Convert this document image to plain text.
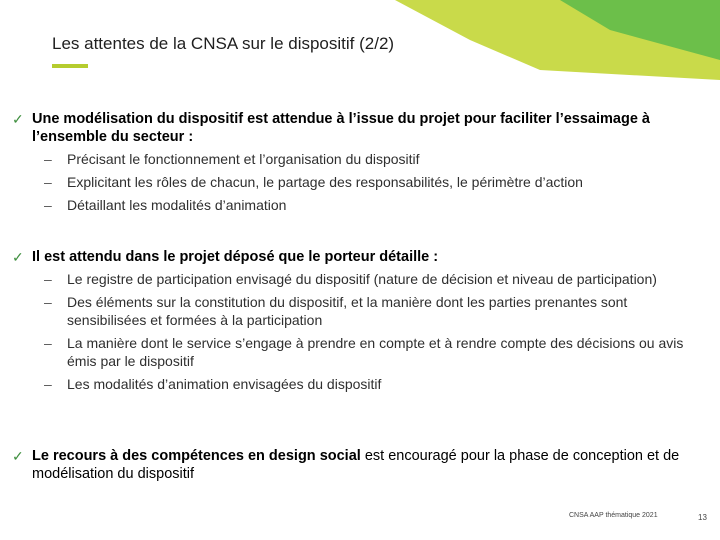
Les attentes de la CNSA sur le dispositif (2/2)
✓ Une modélisation du dispositif est attendue à l’issue du projet pour faciliter l’essaimage à l’ensemble du secteur :
– Précisant le fonctionnement et l’organisation du dispositif
– Explicitant les rôles de chacun, le partage des responsabilités, le périmètre d’action
– Détaillant les modalités d’animation
✓ Il est attendu dans le projet déposé que le porteur détaille :
– Le registre de participation envisagé du dispositif (nature de décision et niveau de participation)
– Des éléments sur la constitution du dispositif, et la manière dont les parties prenantes sont sensibilisées et formées à la participation
– La manière dont le service s’engage à prendre en compte et à rendre compte des décisions ou avis émis par le dispositif
– Les modalités d’animation envisagées du dispositif
✓ Le recours à des compétences en design social est encouragé pour la phase de conception et de modélisation du dispositif
CNSA AAP thématique 2021	13
